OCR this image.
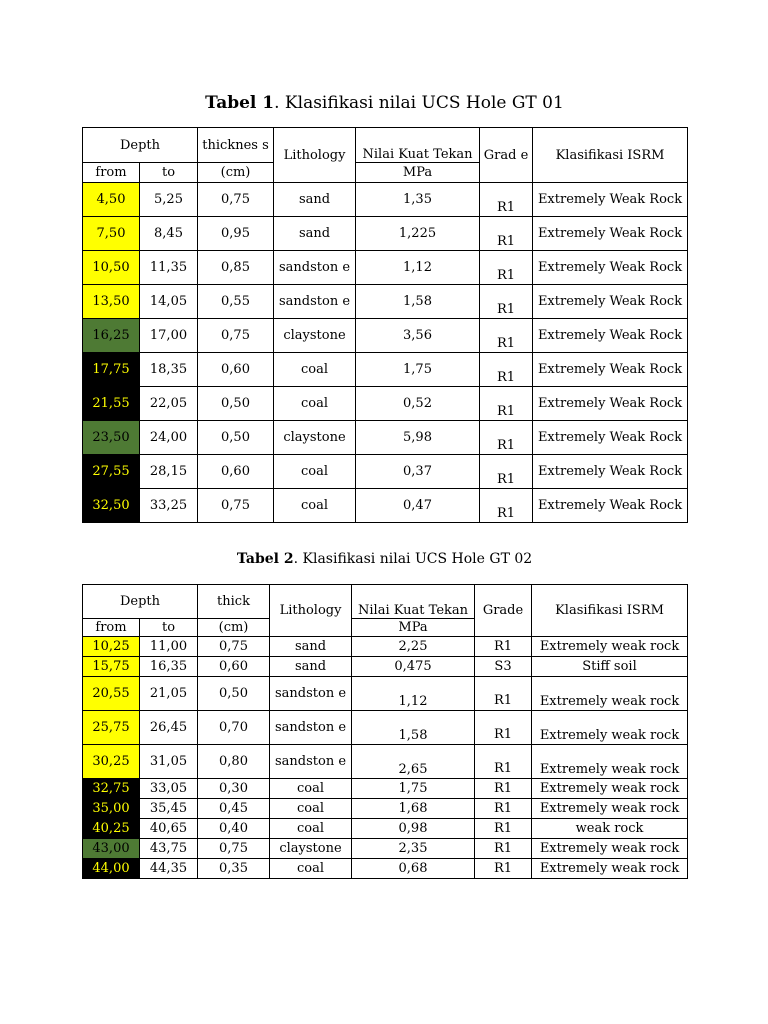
Tabel 1. Klasifikasi nilai UCS Hole GT 01
Depth		thicknes s	Lithology	Nilai Kuat Tekan	Grad e	Klasifikasi ISRM
from	to	(cm)		MPa		
4,50	5,25	0,75	sand	1,35	R1	Extremely Weak Rock
7,50	8,45	0,95	sand	1,225	R1	Extremely Weak Rock
10,50	11,35	0,85	sandston e	1,12	R1	Extremely Weak Rock
13,50	14,05	0,55	sandston e	1,58	R1	Extremely Weak Rock
16,25	17,00	0,75	claystone	3,56	R1	Extremely Weak Rock
17,75	18,35	0,60	coal	1,75	R1	Extremely Weak Rock
21,55	22,05	0,50	coal	0,52	R1	Extremely Weak Rock
23,50	24,00	0,50	claystone	5,98	R1	Extremely Weak Rock
27,55	28,15	0,60	coal	0,37	R1	Extremely Weak Rock
32,50	33,25	0,75	coal	0,47	R1	Extremely Weak Rock
Tabel 2. Klasifikasi nilai UCS Hole GT 02
Depth		thick	Lithology	Nilai Kuat Tekan	Grade	Klasifikasi ISRM
from	to	(cm)		MPa		
10,25	11,00	0,75	sand	2,25	R1	Extremely weak rock
15,75	16,35	0,60	sand	0,475	S3	Stiff soil
20,55	21,05	0,50	sandston e	1,12	R1	Extremely weak rock
25,75	26,45	0,70	sandston e	1,58	R1	Extremely weak rock
30,25	31,05	0,80	sandston e	2,65	R1	Extremely weak rock
32,75	33,05	0,30	coal	1,75	R1	Extremely weak rock
35,00	35,45	0,45	coal	1,68	R1	Extremely weak rock
40,25	40,65	0,40	coal	0,98	R1	weak rock
43,00	43,75	0,75	claystone	2,35	R1	Extremely weak rock
44,00	44,35	0,35	coal	0,68	R1	Extremely weak rock
